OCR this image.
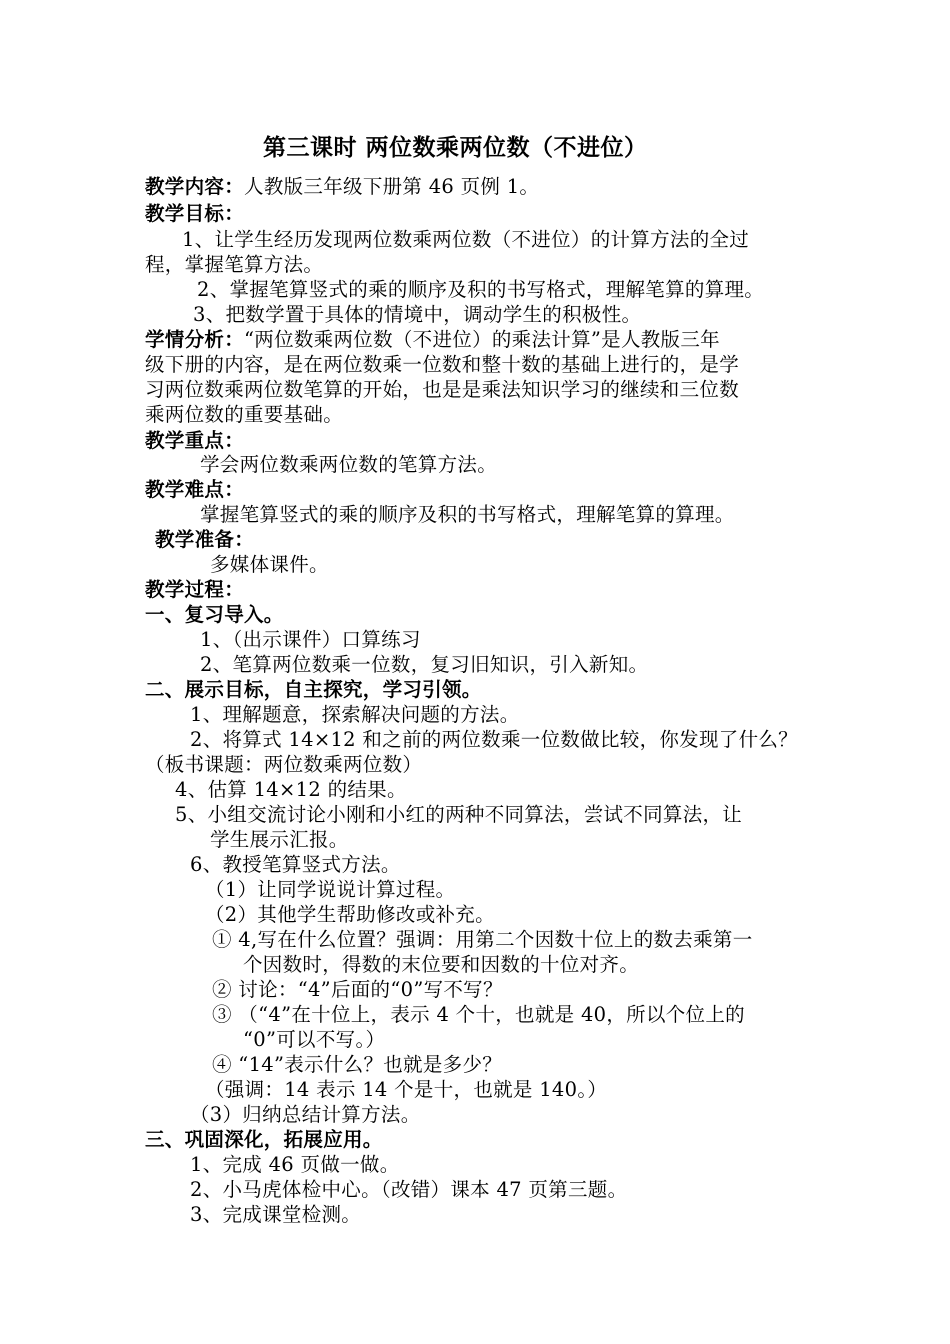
第三课时 两位数乘两位数（不进位）
教学内容：人教版三年级下册第 46 页例 1。
教学目标：
1、让学生经历发现两位数乘两位数（不进位）的计算方法的全过
程，掌握笔算方法。
2、掌握笔算竖式的乘的顺序及积的书写格式，理解笔算的算理。
3、把数学置于具体的情境中，调动学生的积极性。
学情分析：“两位数乘两位数（不进位）的乘法计算”是人教版三年
级下册的内容，是在两位数乘一位数和整十数的基础上进行的，是学
习两位数乘两位数笔算的开始，也是是乘法知识学习的继续和三位数
乘两位数的重要基础。
教学重点：
学会两位数乘两位数的笔算方法。
教学难点：
掌握笔算竖式的乘的顺序及积的书写格式，理解笔算的算理。
教学准备：
多媒体课件。
教学过程：
一、复习导入。
1、（出示课件）口算练习
2、笔算两位数乘一位数，复习旧知识，引入新知。
二、展示目标，自主探究，学习引领。
1、理解题意，探索解决问题的方法。
2、将算式 14×12 和之前的两位数乘一位数做比较，你发现了什么？
（板书课题：两位数乘两位数）
4、估算 14×12 的结果。
5、小组交流讨论小刚和小红的两种不同算法，尝试不同算法，让
学生展示汇报。
6、教授笔算竖式方法。
（1）让同学说说计算过程。
（2）其他学生帮助修改或补充。
① 4,写在什么位置？强调：用第二个因数十位上的数去乘第一
个因数时，得数的末位要和因数的十位对齐。
② 讨论：“4”后面的“0”写不写？
③ （“4”在十位上，表示 4 个十，也就是 40，所以个位上的
“0”可以不写。）
④ “14”表示什么？也就是多少？
（强调：14 表示 14 个是十，也就是 140。）
（3）归纳总结计算方法。
三、巩固深化，拓展应用。
1、完成 46 页做一做。
2、小马虎体检中心。（改错）课本 47 页第三题。
3、完成课堂检测。
